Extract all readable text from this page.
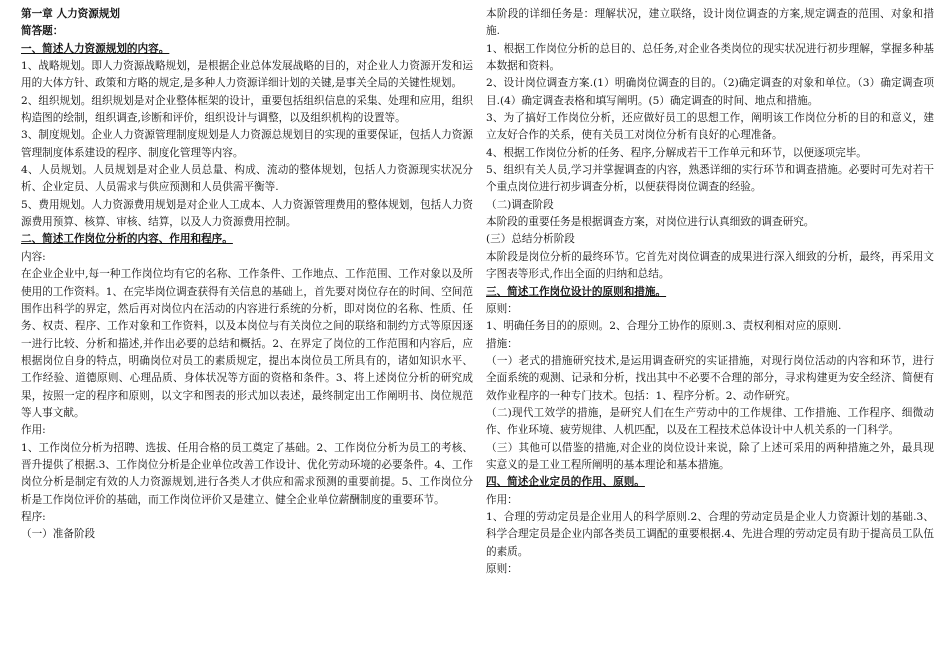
第一章 人力资源规划

简答题：

一、简述人力资源规划的内容。

1、战略规划。即人力资源战略规划，是根据企业总体发展战略的目的，对企业人力资源开发和运用的大体方针、政策和方略的规定,是多种人力资源详细计划的关键,是事关全局的关键性规划。

2、组织规划。组织规划是对企业整体框架的设计，重要包括组织信息的采集、处理和应用，组织构造图的绘制，组织调查,诊断和评价，组织设计与调整，以及组织机构的设置等。

3、制度规划。企业人力资源管理制度规划是人力资源总规划目的实现的重要保证，包括人力资源管理制度体系建设的程序、制度化管理等内容。

4、人员规划。人员规划是对企业人员总量、构成、流动的整体规划，包括人力资源现实状况分析、企业定员、人员需求与供应预测和人员供需平衡等.

5、费用规划。人力资源费用规划是对企业人工成本、人力资源管理费用的整体规划，包括人力资源费用预算、核算、审核、结算，以及人力资源费用控制。

二、简述工作岗位分析的内容、作用和程序。

内容:

在企业企业中,每一种工作岗位均有它的名称、工作条件、工作地点、工作范围、工作对象以及所使用的工作资料。1、在完毕岗位调查获得有关信息的基础上，首先要对岗位存在的时间、空间范围作出科学的界定，然后再对岗位内在活动的内容进行系统的分析，即对岗位的名称、性质、任务、权责、程序、工作对象和工作资料，以及本岗位与有关岗位之间的联络和制约方式等原因逐一进行比较、分析和描述,并作出必要的总结和概括。2、在界定了岗位的工作范围和内容后，应根据岗位自身的特点，明确岗位对员工的素质规定，提出本岗位员工所具有的，诸如知识水平、工作经验、道德原则、心理品质、身体状况等方面的资格和条件。3、将上述岗位分析的研究成果，按照一定的程序和原则，以文字和图表的形式加以表述，最终制定出工作阐明书、岗位规范等人事文献。

作用:

1、工作岗位分析为招聘、选拔、任用合格的员工奠定了基础。2、工作岗位分析为员工的考核、晋升提供了根据.3、工作岗位分析是企业单位改善工作设计、优化劳动环境的必要条件。4、工作岗位分析是制定有效的人力资源规划,进行各类人才供应和需求预测的重要前提。5、工作岗位分析是工作岗位评价的基础，而工作岗位评价又是建立、健全企业单位薪酬制度的重要环节。

程序:

（一）准备阶段

本阶段的详细任务是：理解状况，建立联络，设计岗位调查的方案,规定调查的范围、对象和措施.

1、根据工作岗位分析的总目的、总任务,对企业各类岗位的现实状况进行初步理解，掌握多种基本数据和资料。

2、设计岗位调查方案.(1）明确岗位调查的目的。（2)确定调查的对象和单位。（3）确定调查项目.(4）确定调查表格和填写阐明。(5）确定调查的时间、地点和措施。

3、为了搞好工作岗位分析，还应做好员工的思想工作，阐明该工作岗位分析的目的和意义，建立友好合作的关系，使有关员工对岗位分析有良好的心理准备。

4、根据工作岗位分析的任务、程序,分解成若干工作单元和环节，以便逐项完毕。

5、组织有关人员,学习并掌握调查的内容，熟悉详细的实行环节和调查措施。必要时可先对若干个重点岗位进行初步调查分析，以便获得岗位调查的经验。

（二)调查阶段

本阶段的重要任务是根据调查方案，对岗位进行认真细致的调查研究。

(三）总结分析阶段

本阶段是岗位分析的最终环节。它首先对岗位调查的成果进行深入细致的分析，最终，再采用文字图表等形式,作出全面的归纳和总结。

三、简述工作岗位设计的原则和措施。

原则：

1、明确任务目的的原则。2、合理分工协作的原则.3、责权利相对应的原则.

措施：

（一）老式的措施研究技术,是运用调查研究的实证措施，对现行岗位活动的内容和环节，进行全面系统的观测、记录和分析，找出其中不必要不合理的部分，寻求构建更为安全经济、简便有效作业程序的一种专门技术。包括：1、程序分析。2、动作研究。

（二)现代工效学的措施，是研究人们在生产劳动中的工作规律、工作措施、工作程序、细微动作、作业环境、疲劳规律、人机匹配，以及在工程技术总体设计中人机关系的一门科学。

（三）其他可以借鉴的措施,对企业的岗位设计来说，除了上述可采用的两种措施之外，最具现实意义的是工业工程所阐明的基本理论和基本措施。

四、简述企业定员的作用、原则。

作用：

1、合理的劳动定员是企业用人的科学原则.2、合理的劳动定员是企业人力资源计划的基础.3、科学合理定员是企业内部各类员工调配的重要根据.4、先进合理的劳动定员有助于提高员工队伍的素质。

原则：
